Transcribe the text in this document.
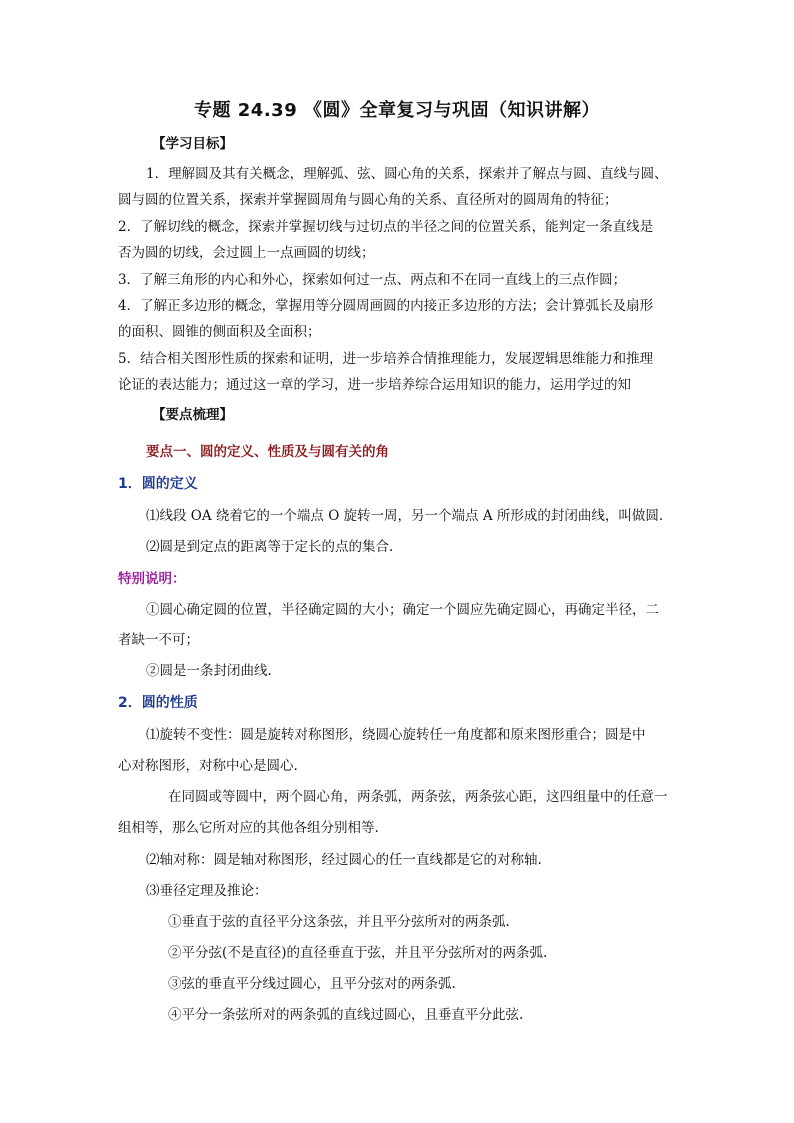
专题 24.39 《圆》全章复习与巩固（知识讲解）
【学习目标】
1．理解圆及其有关概念，理解弧、弦、圆心角的关系，探索并了解点与圆、直线与圆、
圆与圆的位置关系，探索并掌握圆周角与圆心角的关系、直径所对的圆周角的特征；
2．了解切线的概念，探索并掌握切线与过切点的半径之间的位置关系，能判定一条直线是
否为圆的切线，会过圆上一点画圆的切线；
3．了解三角形的内心和外心，探索如何过一点、两点和不在同一直线上的三点作圆；
4．了解正多边形的概念，掌握用等分圆周画圆的内接正多边形的方法；会计算弧长及扇形
的面积、圆锥的侧面积及全面积；
5．结合相关图形性质的探索和证明，进一步培养合情推理能力，发展逻辑思维能力和推理
论证的表达能力；通过这一章的学习，进一步培养综合运用知识的能力，运用学过的知
【要点梳理】
要点一、圆的定义、性质及与圆有关的角
1．圆的定义
⑴线段 OA 绕着它的一个端点 O 旋转一周，另一个端点 A 所形成的封闭曲线，叫做圆.
⑵圆是到定点的距离等于定长的点的集合.
特别说明：
①圆心确定圆的位置，半径确定圆的大小；确定一个圆应先确定圆心，再确定半径，二
者缺一不可；
②圆是一条封闭曲线.
2．圆的性质
⑴旋转不变性：圆是旋转对称图形，绕圆心旋转任一角度都和原来图形重合；圆是中
心对称图形，对称中心是圆心.
在同圆或等圆中，两个圆心角，两条弧，两条弦，两条弦心距，这四组量中的任意一
组相等，那么它所对应的其他各组分别相等.
⑵轴对称：圆是轴对称图形，经过圆心的任一直线都是它的对称轴.
⑶垂径定理及推论：
①垂直于弦的直径平分这条弦，并且平分弦所对的两条弧.
②平分弦(不是直径)的直径垂直于弦，并且平分弦所对的两条弧.
③弦的垂直平分线过圆心，且平分弦对的两条弧.
④平分一条弦所对的两条弧的直线过圆心，且垂直平分此弦.
